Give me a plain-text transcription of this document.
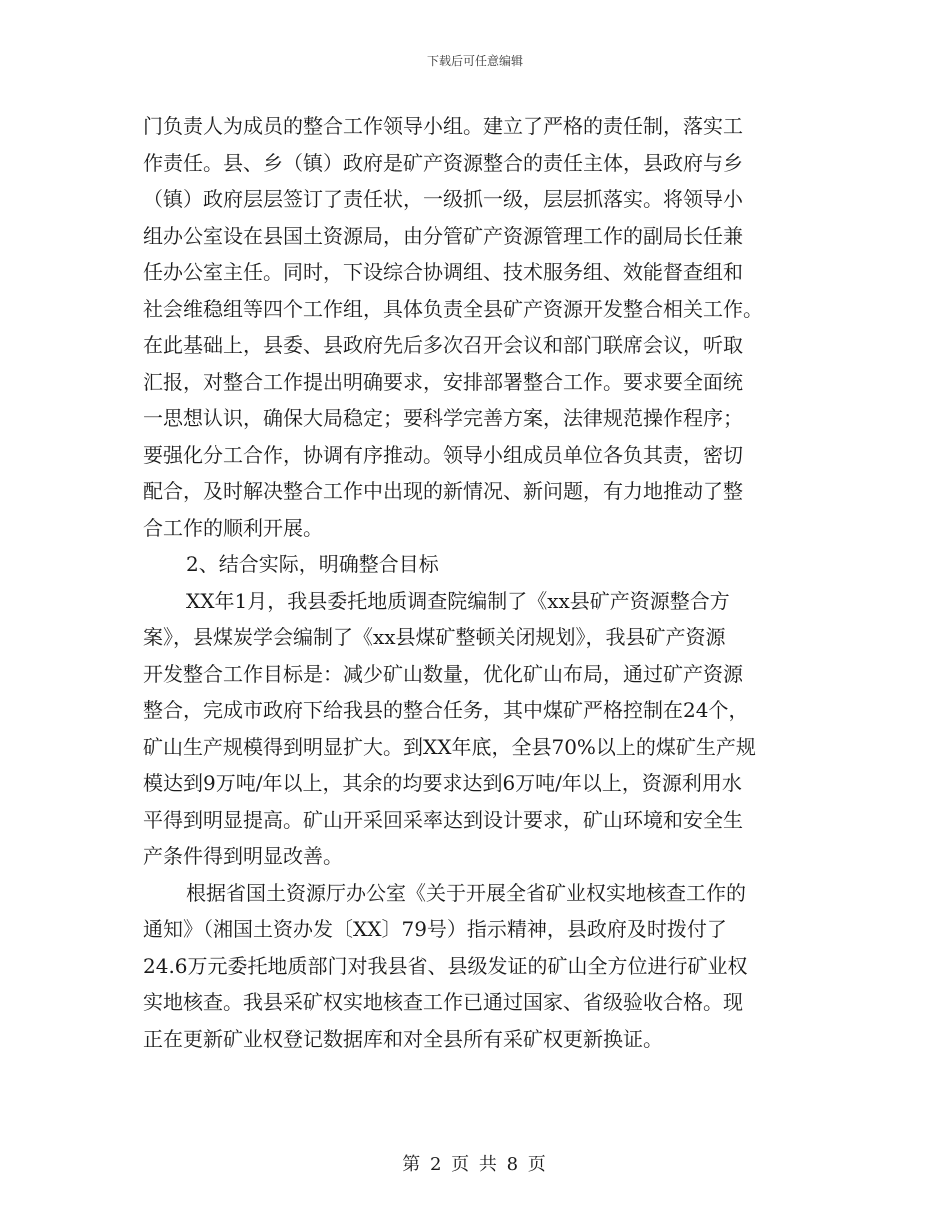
下载后可任意编辑
门负责人为成员的整合工作领导小组。建立了严格的责任制，落实工
作责任。县、乡（镇）政府是矿产资源整合的责任主体，县政府与乡
（镇）政府层层签订了责任状，一级抓一级，层层抓落实。将领导小
组办公室设在县国土资源局，由分管矿产资源管理工作的副局长任兼
任办公室主任。同时，下设综合协调组、技术服务组、效能督查组和
社会维稳组等四个工作组，具体负责全县矿产资源开发整合相关工作。
在此基础上，县委、县政府先后多次召开会议和部门联席会议，听取
汇报，对整合工作提出明确要求，安排部署整合工作。要求要全面统
一思想认识，确保大局稳定；要科学完善方案，法律规范操作程序；
要强化分工合作，协调有序推动。领导小组成员单位各负其责，密切
配合，及时解决整合工作中出现的新情况、新问题，有力地推动了整
合工作的顺利开展。
2、结合实际，明确整合目标
XX年1月，我县委托地质调查院编制了《xx县矿产资源整合方
案》，县煤炭学会编制了《xx县煤矿整顿关闭规划》，我县矿产资源
开发整合工作目标是：减少矿山数量，优化矿山布局，通过矿产资源
整合，完成市政府下给我县的整合任务，其中煤矿严格控制在24个，
矿山生产规模得到明显扩大。到XX年底，全县70%以上的煤矿生产规
模达到9万吨/年以上，其余的均要求达到6万吨/年以上，资源利用水
平得到明显提高。矿山开采回采率达到设计要求，矿山环境和安全生
产条件得到明显改善。
根据省国土资源厅办公室《关于开展全省矿业权实地核查工作的
通知》（湘国土资办发〔XX〕79号）指示精神，县政府及时拨付了
24.6万元委托地质部门对我县省、县级发证的矿山全方位进行矿业权
实地核查。我县采矿权实地核查工作已通过国家、省级验收合格。现
正在更新矿业权登记数据库和对全县所有采矿权更新换证。
第 2 页 共 8 页
